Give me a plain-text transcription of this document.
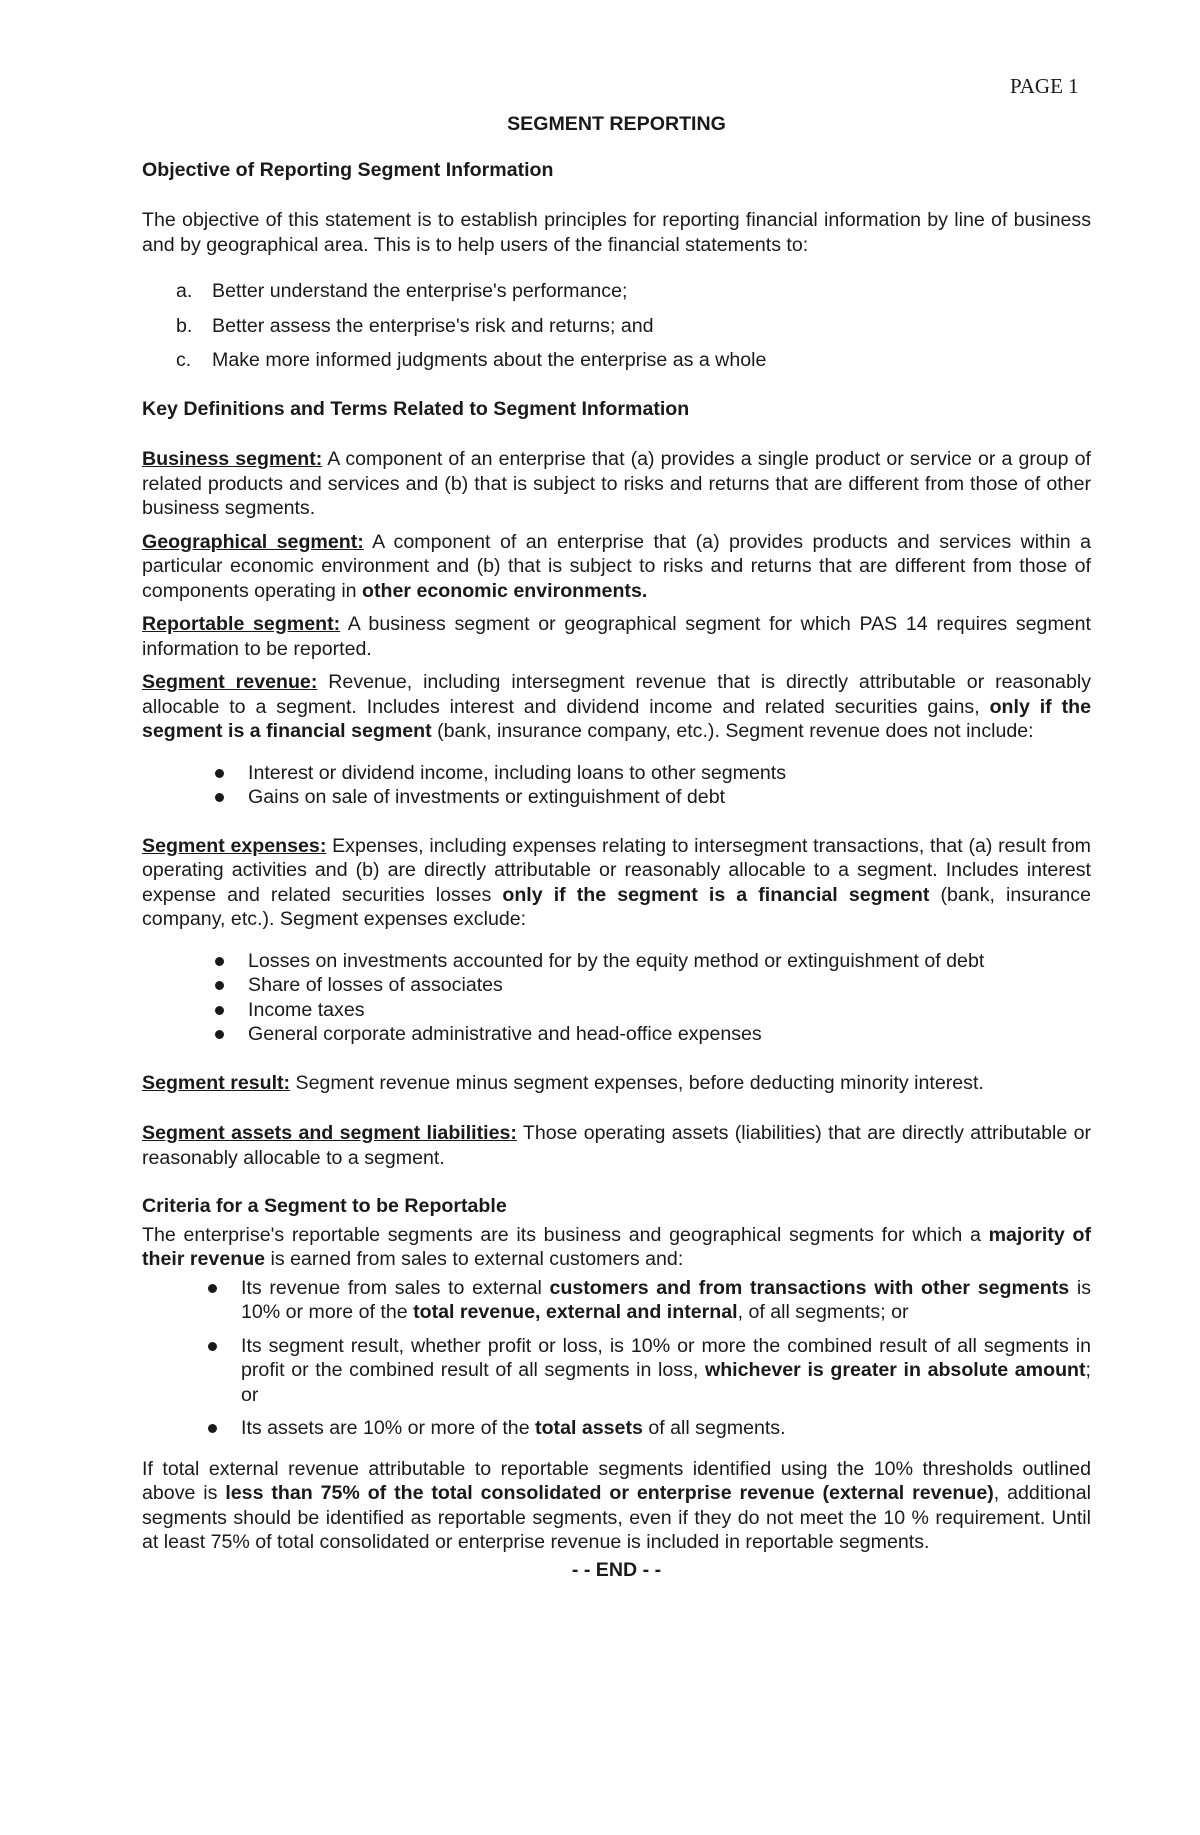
PAGE 1
SEGMENT REPORTING
Objective of Reporting Segment Information

The objective of this statement is to establish principles for reporting financial information by line of business and by geographical area. This is to help users of the financial statements to:

a. Better understand the enterprise's performance;
b. Better assess the enterprise's risk and returns; and
c. Make more informed judgments about the enterprise as a whole
Key Definitions and Terms Related to Segment Information

Business segment: A component of an enterprise that (a) provides a single product or service or a group of related products and services and (b) that is subject to risks and returns that are different from those of other business segments.

Geographical segment: A component of an enterprise that (a) provides products and services within a particular economic environment and (b) that is subject to risks and returns that are different from those of components operating in other economic environments.

Reportable segment: A business segment or geographical segment for which PAS 14 requires segment information to be reported.

Segment revenue: Revenue, including intersegment revenue that is directly attributable or reasonably allocable to a segment. Includes interest and dividend income and related securities gains, only if the segment is a financial segment (bank, insurance company, etc.). Segment revenue does not include:

Interest or dividend income, including loans to other segments
Gains on sale of investments or extinguishment of debt

Segment expenses: Expenses, including expenses relating to intersegment transactions, that (a) result from operating activities and (b) are directly attributable or reasonably allocable to a segment. Includes interest expense and related securities losses only if the segment is a financial segment (bank, insurance company, etc.). Segment expenses exclude:

Losses on investments accounted for by the equity method or extinguishment of debt
Share of losses of associates
Income taxes
General corporate administrative and head-office expenses

Segment result: Segment revenue minus segment expenses, before deducting minority interest.

Segment assets and segment liabilities: Those operating assets (liabilities) that are directly attributable or reasonably allocable to a segment.

Criteria for a Segment to be Reportable

The enterprise's reportable segments are its business and geographical segments for which a majority of their revenue is earned from sales to external customers and:

Its revenue from sales to external customers and from transactions with other segments is 10% or more of the total revenue, external and internal, of all segments; or
Its segment result, whether profit or loss, is 10% or more the combined result of all segments in profit or the combined result of all segments in loss, whichever is greater in absolute amount; or
Its assets are 10% or more of the total assets of all segments.

If total external revenue attributable to reportable segments identified using the 10% thresholds outlined above is less than 75% of the total consolidated or enterprise revenue (external revenue), additional segments should be identified as reportable segments, even if they do not meet the 10 % requirement. Until at least 75% of total consolidated or enterprise revenue is included in reportable segments.

- - END - -
